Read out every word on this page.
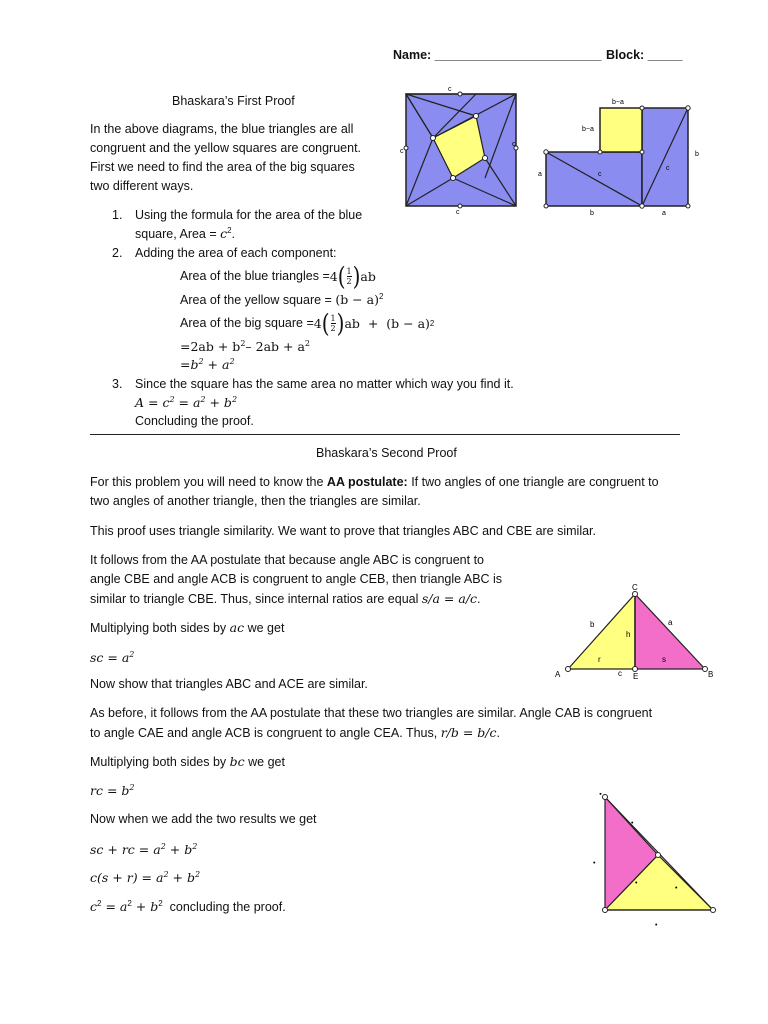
Name: ________________________ Block: _____
Bhaskara’s First Proof
In the above diagrams, the blue triangles are all
congruent and the yellow squares are congruent.
First we need to find the area of the big squares
two different ways.
1. Using the formula for the area of the blue
square, Area = $c^2$.
2. Adding the area of each component:
Area of the blue triangles = 4 ( 1
2 ) ab
Area of the yellow square = $(b - a)^2$
Area of the big square = 4 ( 1
2 ) ab  +  (b − a) 2
$=2ab + b^2-$ $2ab + a^2$
$=b^2 + a^2$
3. Since the square has the same area no matter which way you find it.
$A = c^2 = a^2 + b^2$
Concluding the proof.
c
c
c
c
b−a
b−a
a	c
b
c
b	a
Bhaskara’s Second Proof
For this problem you will need to know the AA postulate: If two angles of one triangle are congruent to
two angles of another triangle, then the triangles are similar.
This proof uses triangle similarity. We want to prove that triangles ABC and CBE are similar.
It follows from the AA postulate that because angle ABC is congruent to
angle CBE and angle ACB is congruent to angle CEB, then triangle ABC is
similar to triangle CBE. Thus, since internal ratios are equal s/a = a/c.
Multiplying both sides by ac we get
sc = $a^2$
Now show that triangles ABC and ACE are similar.
As before, it follows from the AA postulate that these two triangles are similar. Angle CAB is congruent
to angle CAE and angle ACB is congruent to angle CEA. Thus, r/b = b/c.
Multiplying both sides by bc we get
rc = $b^2$
Now when we add the two results we get
sc + rc = $a^2 + b^2$
$c(s + r) = a^2 + b^2$
$c^2 = a^2 + b^2$  concluding the proof.
C
A	B
E
b	a
h
r	s
c
•
•
•
•
•
•
